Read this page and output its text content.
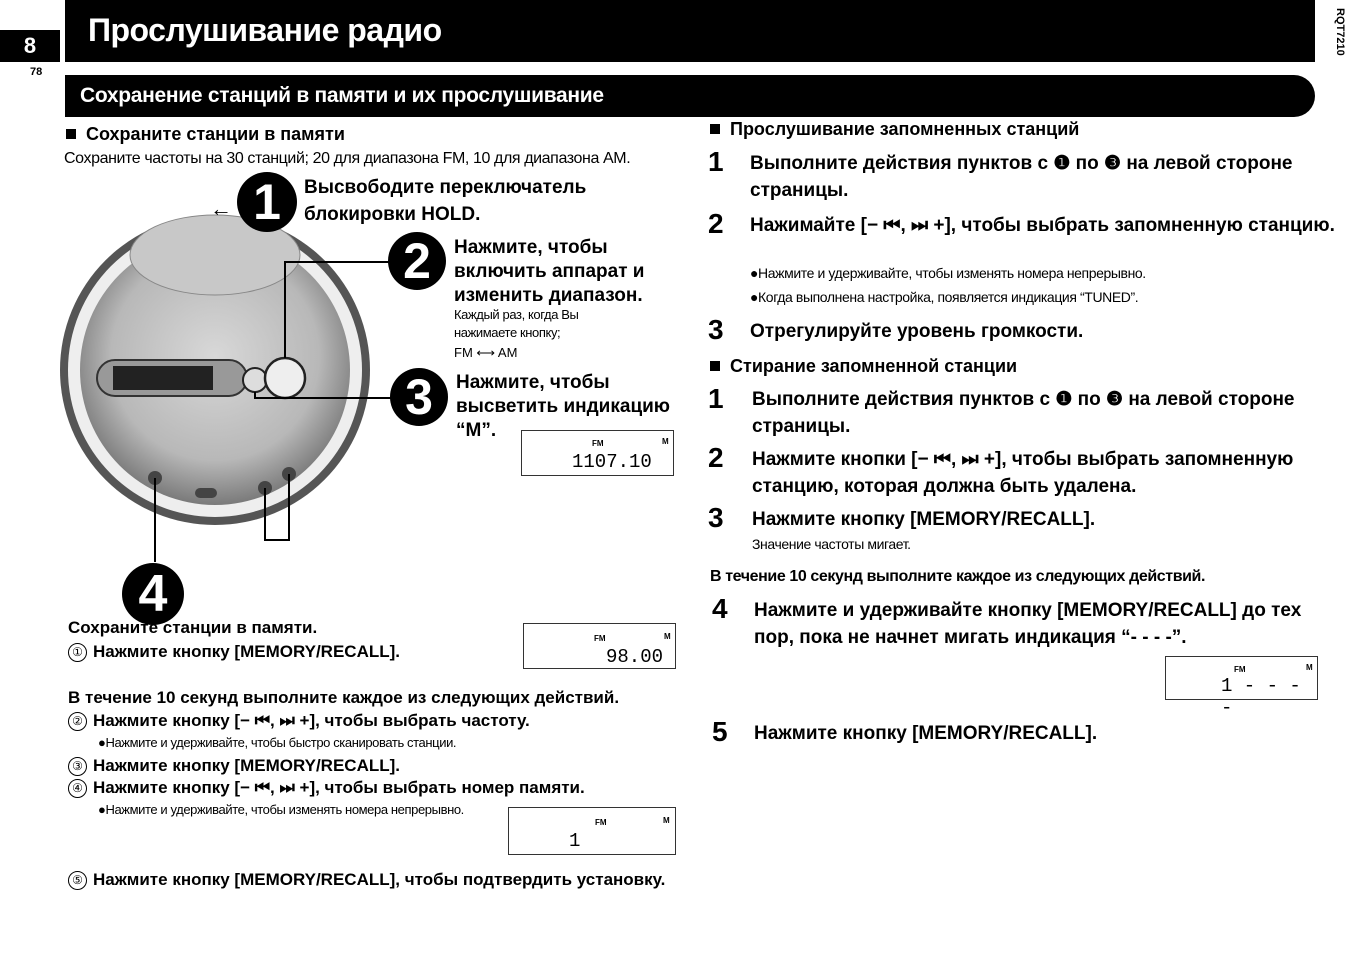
8
78
Прослушивание радио
Сохранение станций в памяти и их прослушивание
RQT7210
Сохраните станции в памяти
Сохраните частоты на 30 станций; 20 для диапазона FM, 10 для диапазона AM.
← 1	Высвободите переключатель блокировки HOLD.
2	Нажмите, чтобы включить аппарат и изменить диапазон.
Каждый раз, когда Вы нажимаете кнопку;
FM ⟷ AM
3	Нажмите, чтобы высветить индикацию “M”.
FM	M
1107.10
4
Сохраните станции в памяти.
① Нажмите кнопку [MEMORY/RECALL].
FM	M
98.00
В течение 10 секунд выполните каждое из следующих действий.
② Нажмите кнопку [− ⏮, ⏭ +], чтобы выбрать частоту.
●Нажмите и удерживайте, чтобы быстро сканировать станции.
③ Нажмите кнопку [MEMORY/RECALL].
④ Нажмите кнопку [− ⏮, ⏭ +], чтобы выбрать номер памяти.
●Нажмите и удерживайте, чтобы изменять номера непрерывно.
FM	M
1
⑤ Нажмите кнопку [MEMORY/RECALL], чтобы подтвердить установку.
Прослушивание запомненных станций
1 Выполните действия пунктов с ❶ по ❸ на левой стороне страницы.
2 Нажимайте [− ⏮, ⏭ +], чтобы выбрать запомненную станцию.
●Нажмите и удерживайте, чтобы изменять номера непрерывно.
●Когда выполнена настройка, появляется индикация “TUNED”.
3 Отрегулируйте уровень громкости.
Стирание запомненной станции
1 Выполните действия пунктов с ❶ по ❸ на левой стороне страницы.
2 Нажмите кнопки [− ⏮, ⏭ +], чтобы выбрать запомненную станцию, которая должна быть удалена.
3 Нажмите кнопку [MEMORY/RECALL].
Значение частоты мигает.
В течение 10 секунд выполните каждое из следующих действий.
4 Нажмите и удерживайте кнопку [MEMORY/RECALL] до тех пор, пока не начнет мигать индикация “- - - -”.
FM	M
1 - - - -
5 Нажмите кнопку [MEMORY/RECALL].
